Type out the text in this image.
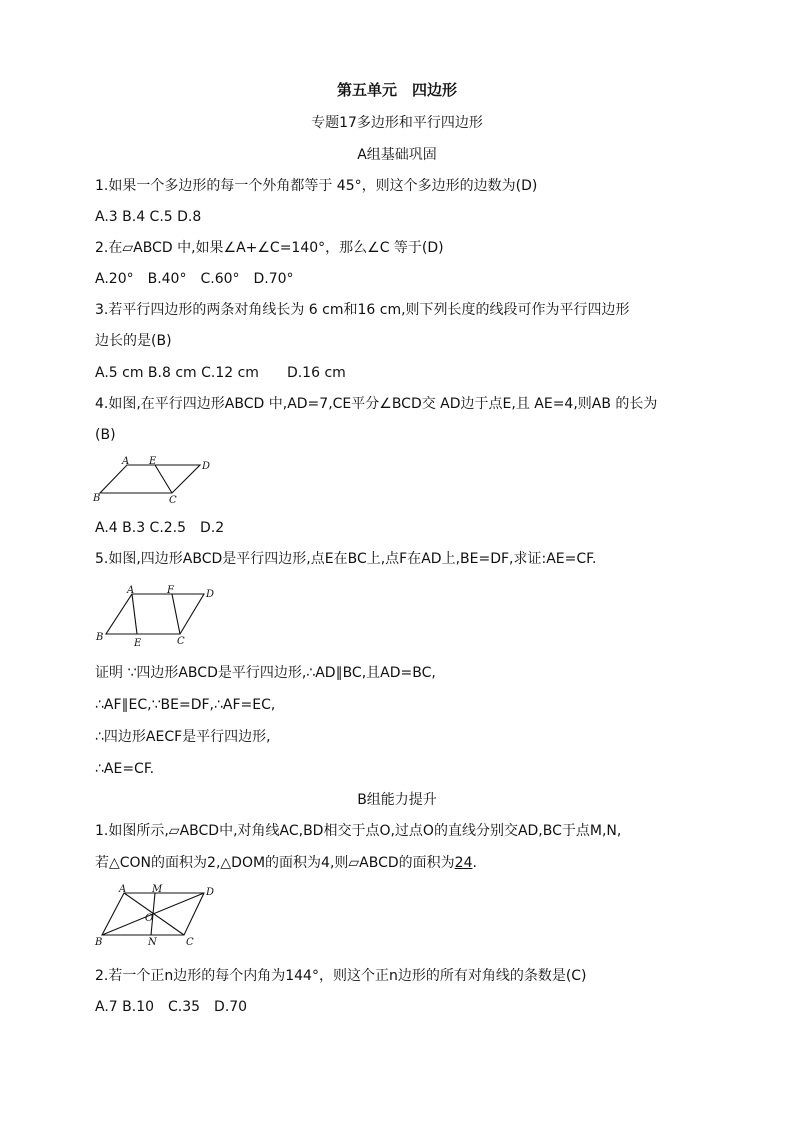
第五单元　四边形
专题17多边形和平行四边形
A组基础巩固
1.如果一个多边形的每一个外角都等于 45°，则这个多边形的边数为(D)
A.3 B.4 C.5 D.8
2.在▱ABCD 中,如果∠A+∠C=140°，那么∠C 等于(D)
A.20°　B.40°　C.60°　D.70°
3.若平行四边形的两条对角线长为 6 cm和16 cm,则下列长度的线段可作为平行四边形
边长的是(B)
A.5 cm B.8 cm C.12 cm　　D.16 cm
4.如图,在平行四边形ABCD 中,AD=7,CE平分∠BCD交 AD边于点E,且 AE=4,则AB 的长为
(B)
A E	D
B	C
A.4 B.3 C.2.5　D.2
5.如图,四边形ABCD是平行四边形,点E在BC上,点F在AD上,BE=DF,求证:AE=CF.
A	F	D
B
E	C
证明 ∵四边形ABCD是平行四边形,∴AD∥BC,且AD=BC,
∴AF∥EC,∵BE=DF,∴AF=EC,
∴四边形AECF是平行四边形,
∴AE=CF.
B组能力提升
1.如图所示,▱ABCD中,对角线AC,BD相交于点O,过点O的直线分别交AD,BC于点M,N,
若△CON的面积为2,△DOM的面积为4,则▱ABCD的面积为24.
A	M	D
O
B	N	C
2.若一个正n边形的每个内角为144°，则这个正n边形的所有对角线的条数是(C)
A.7 B.10　C.35　D.70
